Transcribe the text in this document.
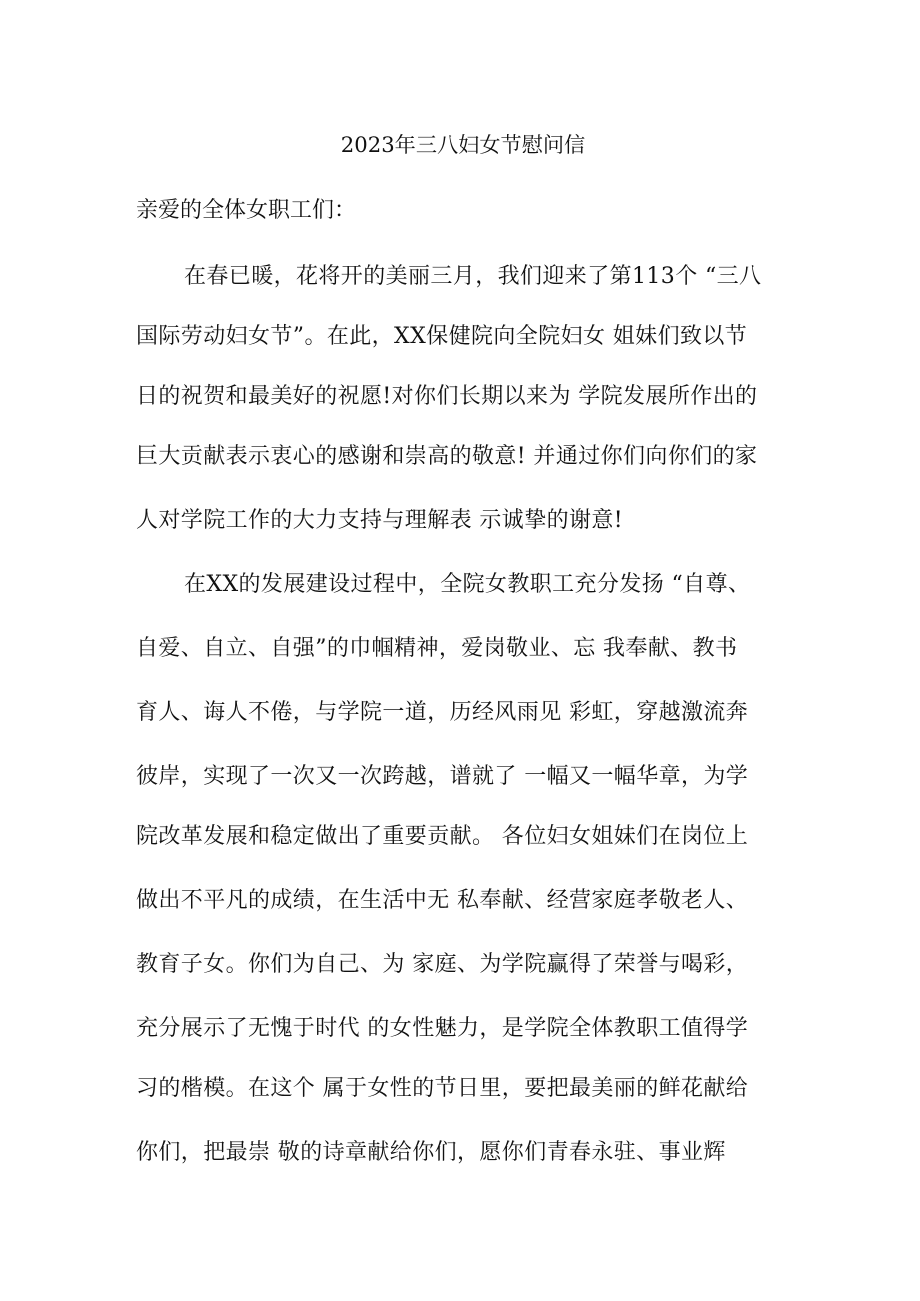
2023年三八妇女节慰问信
亲爱的全体女职工们：
在春已暖，花将开的美丽三月，我们迎来了第113个 “三八
国际劳动妇女节”。在此，XX保健院向全院妇女 姐妹们致以节
日的祝贺和最美好的祝愿!对你们长期以来为 学院发展所作出的
巨大贡献表示衷心的感谢和崇高的敬意! 并通过你们向你们的家
人对学院工作的大力支持与理解表 示诚挚的谢意!
在XX的发展建设过程中，全院女教职工充分发扬 “自尊、
自爱、自立、自强”的巾帼精神，爱岗敬业、忘 我奉献、教书
育人、诲人不倦，与学院一道，历经风雨见 彩虹，穿越激流奔
彼岸，实现了一次又一次跨越，谱就了 一幅又一幅华章，为学
院改革发展和稳定做出了重要贡献。 各位妇女姐妹们在岗位上
做出不平凡的成绩，在生活中无 私奉献、经营家庭孝敬老人、
教育子女。你们为自己、为 家庭、为学院赢得了荣誉与喝彩，
充分展示了无愧于时代 的女性魅力，是学院全体教职工值得学
习的楷模。在这个 属于女性的节日里，要把最美丽的鲜花献给
你们，把最崇 敬的诗章献给你们，愿你们青春永驻、事业辉
